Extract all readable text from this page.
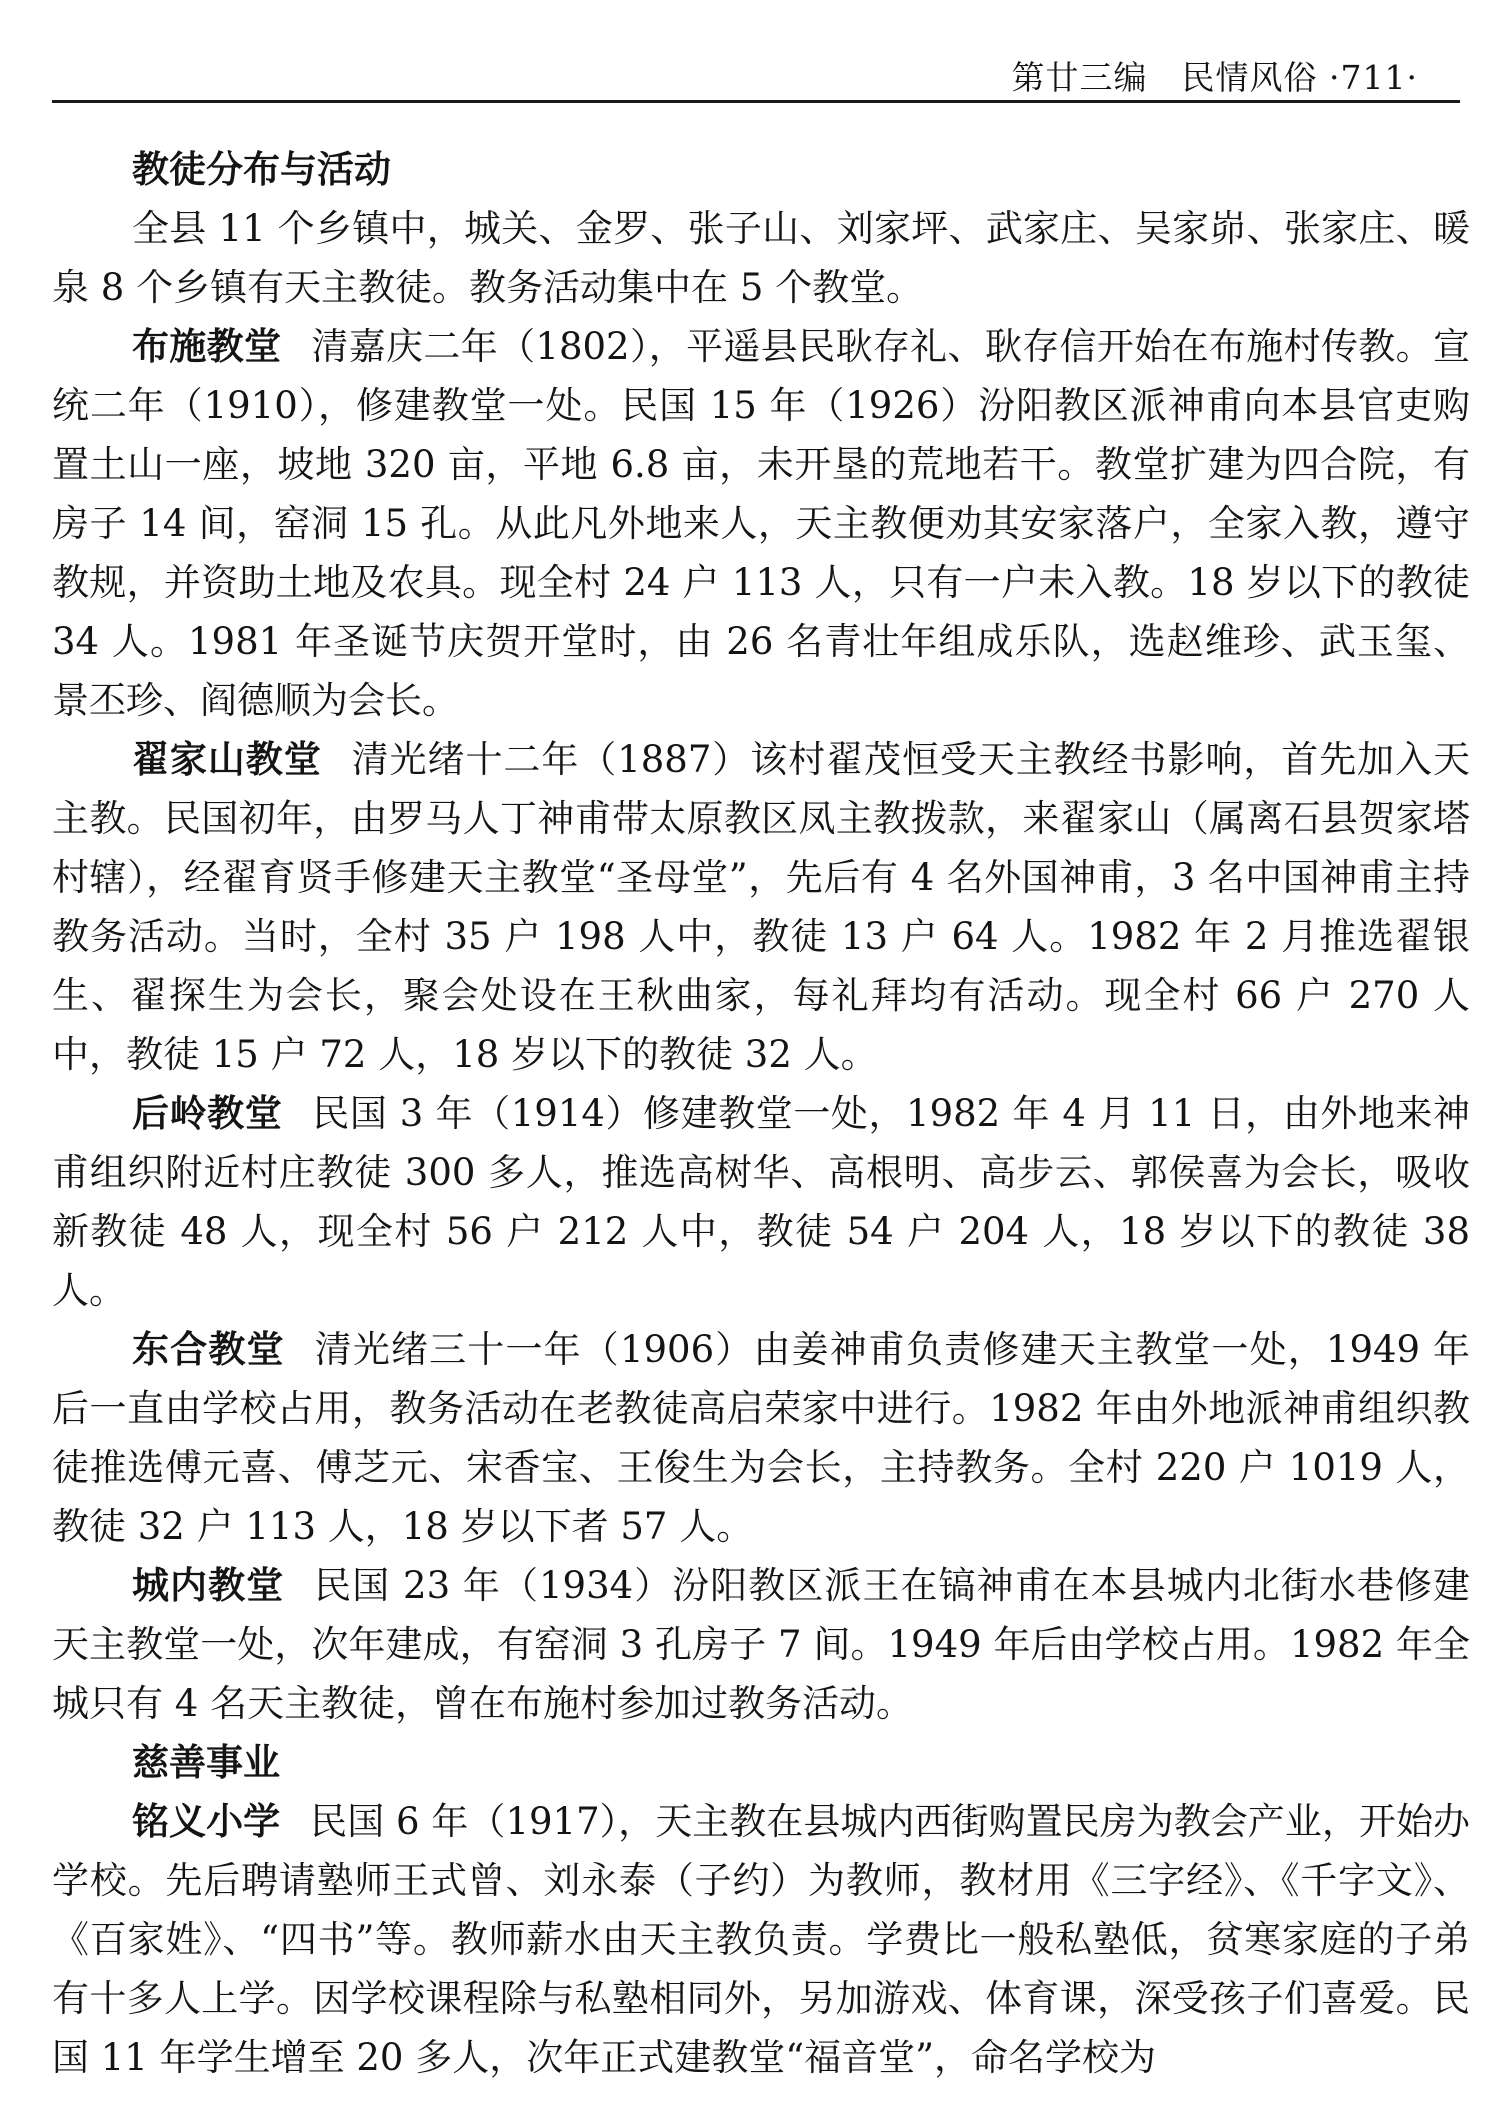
第廿三编　民情风俗 ·711·
教徒分布与活动

全县 11 个乡镇中，城关、金罗、张子山、刘家坪、武家庄、吴家峁、张家庄、暖泉 8 个乡镇有天主教徒。教务活动集中在 5 个教堂。

布施教堂 清嘉庆二年（1802），平遥县民耿存礼、耿存信开始在布施村传教。宣统二年（1910），修建教堂一处。民国 15 年（1926）汾阳教区派神甫向本县官吏购置土山一座，坡地 320 亩，平地 6.8 亩，未开垦的荒地若干。教堂扩建为四合院，有房子 14 间，窑洞 15 孔。从此凡外地来人，天主教便劝其安家落户，全家入教，遵守教规，并资助土地及农具。现全村 24 户 113 人，只有一户未入教。18 岁以下的教徒 34 人。1981 年圣诞节庆贺开堂时，由 26 名青壮年组成乐队，选赵维珍、武玉玺、景丕珍、阎德顺为会长。

翟家山教堂 清光绪十二年（1887）该村翟茂恒受天主教经书影响，首先加入天主教。民国初年，由罗马人丁神甫带太原教区凤主教拨款，来翟家山（属离石县贺家塔村辖），经翟育贤手修建天主教堂“圣母堂”，先后有 4 名外国神甫，3 名中国神甫主持教务活动。当时，全村 35 户 198 人中，教徒 13 户 64 人。1982 年 2 月推选翟银生、翟探生为会长，聚会处设在王秋曲家，每礼拜均有活动。现全村 66 户 270 人中，教徒 15 户 72 人，18 岁以下的教徒 32 人。

后岭教堂 民国 3 年（1914）修建教堂一处，1982 年 4 月 11 日，由外地来神甫组织附近村庄教徒 300 多人，推选高树华、高根明、高步云、郭侯喜为会长，吸收新教徒 48 人，现全村 56 户 212 人中，教徒 54 户 204 人，18 岁以下的教徒 38 人。

东合教堂 清光绪三十一年（1906）由姜神甫负责修建天主教堂一处，1949 年后一直由学校占用，教务活动在老教徒高启荣家中进行。1982 年由外地派神甫组织教徒推选傅元喜、傅芝元、宋香宝、王俊生为会长，主持教务。全村 220 户 1019 人，教徒 32 户 113 人，18 岁以下者 57 人。

城内教堂 民国 23 年（1934）汾阳教区派王在镐神甫在本县城内北街水巷修建天主教堂一处，次年建成，有窑洞 3 孔房子 7 间。1949 年后由学校占用。1982 年全城只有 4 名天主教徒，曾在布施村参加过教务活动。

慈善事业

铭义小学 民国 6 年（1917），天主教在县城内西街购置民房为教会产业，开始办学校。先后聘请塾师王式曾、刘永泰（子约）为教师，教材用《三字经》、《千字文》、《百家姓》、“四书”等。教师薪水由天主教负责。学费比一般私塾低，贫寒家庭的子弟有十多人上学。因学校课程除与私塾相同外，另加游戏、体育课，深受孩子们喜爱。民国 11 年学生增至 20 多人，次年正式建教堂“福音堂”，命名学校为
